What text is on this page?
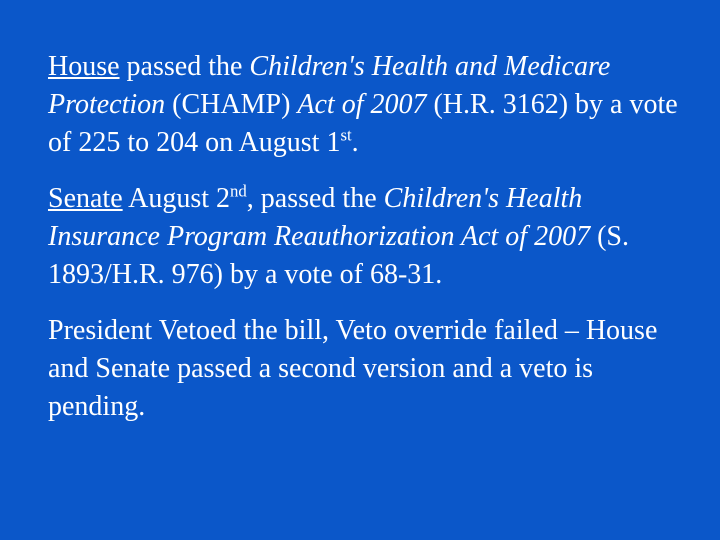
House passed the Children's Health and Medicare Protection (CHAMP) Act of 2007 (H.R. 3162) by a vote of 225 to 204 on August 1st.

Senate August 2nd, passed the Children's Health Insurance Program Reauthorization Act of 2007 (S. 1893/H.R. 976) by a vote of 68-31.

President Vetoed the bill, Veto override failed – House and Senate passed a second version and a veto is pending.
